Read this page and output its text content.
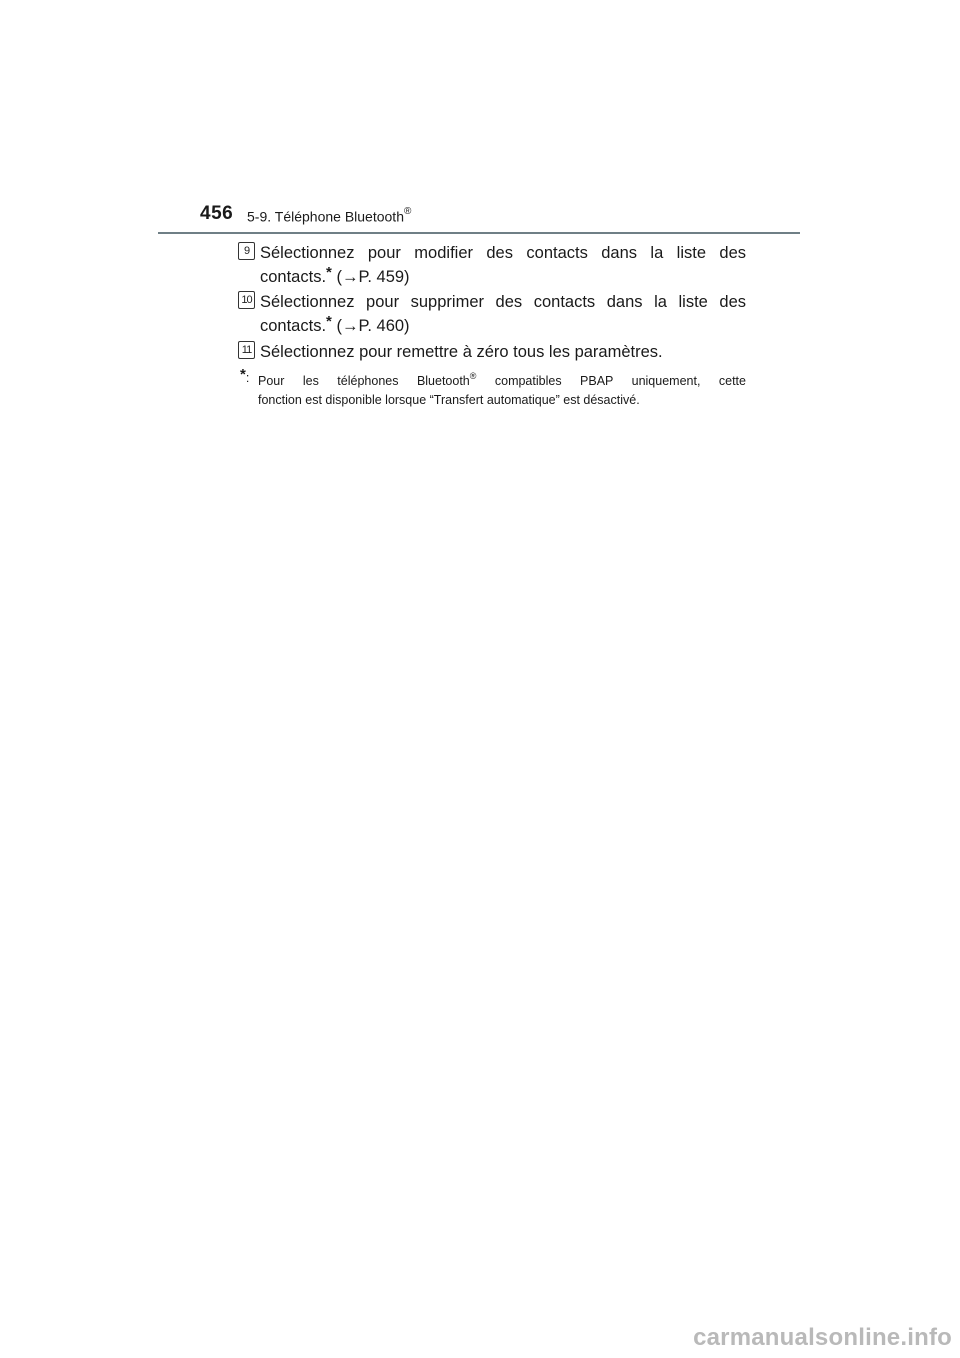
456 5-9. Téléphone Bluetooth®
9 Sélectionnez pour modifier des contacts dans la liste des
contacts.* (→P. 459)
10 Sélectionnez pour supprimer des contacts dans la liste des
contacts.* (→P. 460)
11 Sélectionnez pour remettre à zéro tous les paramètres.
*: Pour les téléphones Bluetooth® compatibles PBAP uniquement, cette
fonction est disponible lorsque “Transfert automatique” est désactivé.
carmanualsonline.info
